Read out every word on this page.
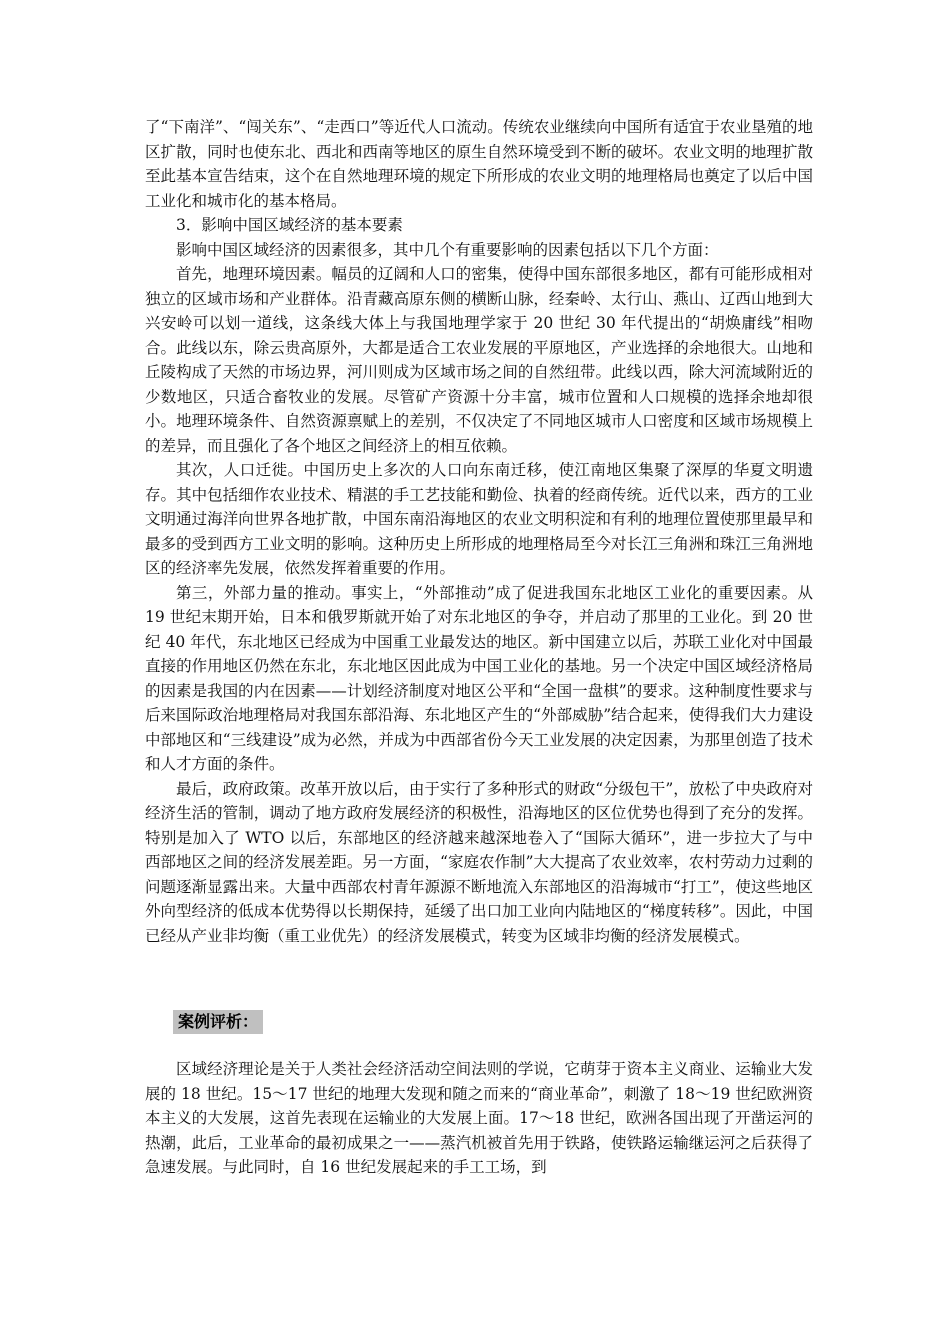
了“下南洋”、“闯关东”、“走西口”等近代人口流动。传统农业继续向中国所有适宜于农业垦殖的地区扩散，同时也使东北、西北和西南等地区的原生自然环境受到不断的破坏。农业文明的地理扩散至此基本宣告结束，这个在自然地理环境的规定下所形成的农业文明的地理格局也奠定了以后中国工业化和城市化的基本格局。

3．影响中国区域经济的基本要素

影响中国区域经济的因素很多，其中几个有重要影响的因素包括以下几个方面：

首先，地理环境因素。幅员的辽阔和人口的密集，使得中国东部很多地区，都有可能形成相对独立的区域市场和产业群体。沿青藏高原东侧的横断山脉，经秦岭、太行山、燕山、辽西山地到大兴安岭可以划一道线，这条线大体上与我国地理学家于 20 世纪 30 年代提出的“胡焕庸线”相吻合。此线以东，除云贵高原外，大都是适合工农业发展的平原地区，产业选择的余地很大。山地和丘陵构成了天然的市场边界，河川则成为区域市场之间的自然纽带。此线以西，除大河流域附近的少数地区，只适合畜牧业的发展。尽管矿产资源十分丰富，城市位置和人口规模的选择余地却很小。地理环境条件、自然资源禀赋上的差别，不仅决定了不同地区城市人口密度和区域市场规模上的差异，而且强化了各个地区之间经济上的相互依赖。

其次，人口迁徙。中国历史上多次的人口向东南迁移，使江南地区集聚了深厚的华夏文明遗存。其中包括细作农业技术、精湛的手工艺技能和勤俭、执着的经商传统。近代以来，西方的工业文明通过海洋向世界各地扩散，中国东南沿海地区的农业文明积淀和有利的地理位置使那里最早和最多的受到西方工业文明的影响。这种历史上所形成的地理格局至今对长江三角洲和珠江三角洲地区的经济率先发展，依然发挥着重要的作用。

第三，外部力量的推动。事实上，“外部推动”成了促进我国东北地区工业化的重要因素。从 19 世纪末期开始，日本和俄罗斯就开始了对东北地区的争夺，并启动了那里的工业化。到 20 世纪 40 年代，东北地区已经成为中国重工业最发达的地区。新中国建立以后，苏联工业化对中国最直接的作用地区仍然在东北，东北地区因此成为中国工业化的基地。另一个决定中国区域经济格局的因素是我国的内在因素——计划经济制度对地区公平和“全国一盘棋”的要求。这种制度性要求与后来国际政治地理格局对我国东部沿海、东北地区产生的“外部威胁”结合起来，使得我们大力建设中部地区和“三线建设”成为必然，并成为中西部省份今天工业发展的决定因素，为那里创造了技术和人才方面的条件。

最后，政府政策。改革开放以后，由于实行了多种形式的财政“分级包干”，放松了中央政府对经济生活的管制，调动了地方政府发展经济的积极性，沿海地区的区位优势也得到了充分的发挥。特别是加入了 WTO 以后，东部地区的经济越来越深地卷入了“国际大循环”，进一步拉大了与中西部地区之间的经济发展差距。另一方面，“家庭农作制”大大提高了农业效率，农村劳动力过剩的问题逐渐显露出来。大量中西部农村青年源源不断地流入东部地区的沿海城市“打工”，使这些地区外向型经济的低成本优势得以长期保持，延缓了出口加工业向内陆地区的“梯度转移”。因此，中国已经从产业非均衡（重工业优先）的经济发展模式，转变为区域非均衡的经济发展模式。

案例评析：

区域经济理论是关于人类社会经济活动空间法则的学说，它萌芽于资本主义商业、运输业大发展的 18 世纪。15～17 世纪的地理大发现和随之而来的“商业革命”，刺激了 18～19 世纪欧洲资本主义的大发展，这首先表现在运输业的大发展上面。17～18 世纪，欧洲各国出现了开凿运河的热潮，此后，工业革命的最初成果之一——蒸汽机被首先用于铁路，使铁路运输继运河之后获得了急速发展。与此同时，自 16 世纪发展起来的手工工场，到
